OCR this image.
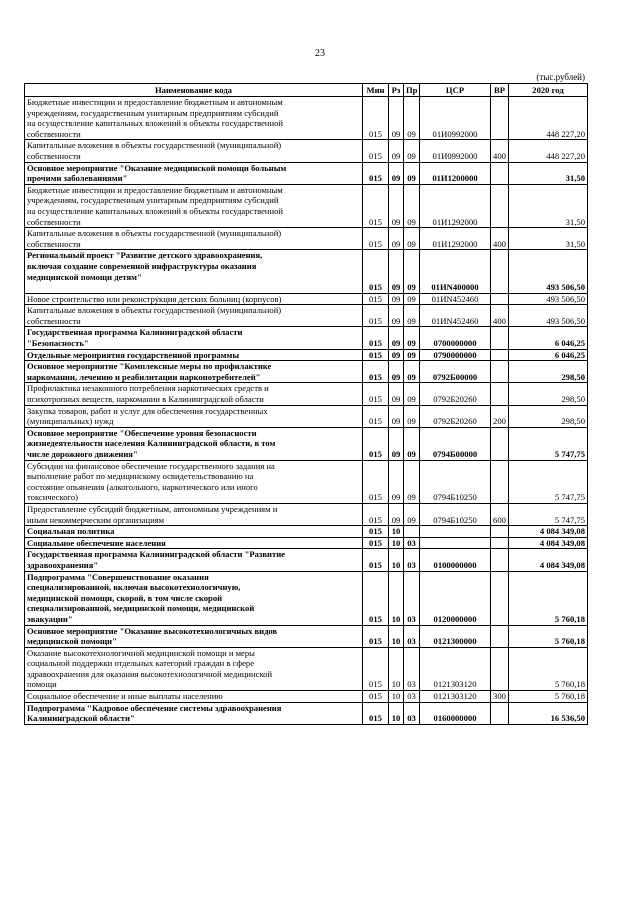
23
(тыс.рублей)
Наименование кода	Мин	Рз	Пр	ЦСР	ВР	2020 год

Бюджетные инвестиции и предоставление бюджетным и автономным
учреждениям, государственным унитарным предприятиям субсидий
на осуществление капитальных вложений в объекты государственной
собственности	015	09	09	01И0992000		448 227,20

Капитальные вложения в объекты государственной (муниципальной)
собственности	015	09	09	01И0992000	400	448 227,20

Основное мероприятие "Оказание медицинской помощи больным
прочими заболеваниями"	015	09	09	01И1200000		31,50

Бюджетные инвестиции и предоставление бюджетным и автономным
учреждениям, государственным унитарным предприятиям субсидий
на осуществление капитальных вложений в объекты государственной
собственности	015	09	09	01И1292000		31,50

Капитальные вложения в объекты государственной (муниципальной)
собственности	015	09	09	01И1292000	400	31,50

Региональный проект "Развитие детского здравоохранения,
включая создание современной инфраструктуры оказания
медицинской помощи детям"	015	09	09	01ИN400000		493 506,50

Новое строительство или реконструкция детских больниц (корпусов)	015	09	09	01ИN452460		493 506,50

Капитальные вложения в объекты государственной (муниципальной)
собственности	015	09	09	01ИN452460	400	493 506,50

Государственная программа Калининградской области
"Безопасность"	015	09	09	0700000000		6 046,25

Отдельные мероприятия государственной программы	015	09	09	0790000000		6 046,25

Основное мероприятие "Комплексные меры по профилактике
наркомании, лечению и реабилитации наркопотребителей"	015	09	09	0792Б00000		298,50

Профилактика незаконного потребления наркотических средств и
психотропных веществ, наркомании в Калининградской области	015	09	09	0792Б20260		298,50

Закупка товаров, работ и услуг для обеспечения государственных
(муниципальных) нужд	015	09	09	0792Б20260	200	298,50

Основное мероприятие "Обеспечение уровня безопасности
жизнедеятельности населения Калининградской области, в том
числе дорожного движения"	015	09	09	0794Б00000		5 747,75

Субсидии на финансовое обеспечение государственного задания на
выполнение работ по медицинскому освидетельствованию на
состояние опьянения (алкогольного, наркотического или иного
токсического)	015	09	09	0794Б10250		5 747,75

Предоставление субсидий бюджетным, автономным учреждениям и
иным некоммерческим организациям	015	09	09	0794Б10250	600	5 747,75

Социальная политика	015	10				4 084 349,08

Социальное обеспечение населения	015	10	03			4 084 349,08

Государственная программа Калининградской области "Развитие
здравоохранения"	015	10	03	0100000000		4 084 349,08

Подпрограмма "Совершенствование оказания
специализированной, включая высокотехнологичную,
медицинской помощи, скорой, в том числе скорой
специализированной, медицинской помощи, медицинской
эвакуации"	015	10	03	0120000000		5 760,18

Основное мероприятие "Оказание высокотехнологичных видов
медицинской помощи"	015	10	03	0121300000		5 760,18

Оказание высокотехнологичной медицинской помощи и меры
социальной поддержки отдельных категорий граждан в сфере
здравоохранения для оказания высокотехнологичной медицинской
помощи	015	10	03	0121303120		5 760,18

Социальное обеспечение и иные выплаты населению	015	10	03	0121303120	300	5 760,18

Подпрограмма "Кадровое обеспечение системы здравоохранения
Калининградской области"	015	10	03	0160000000		16 536,50
